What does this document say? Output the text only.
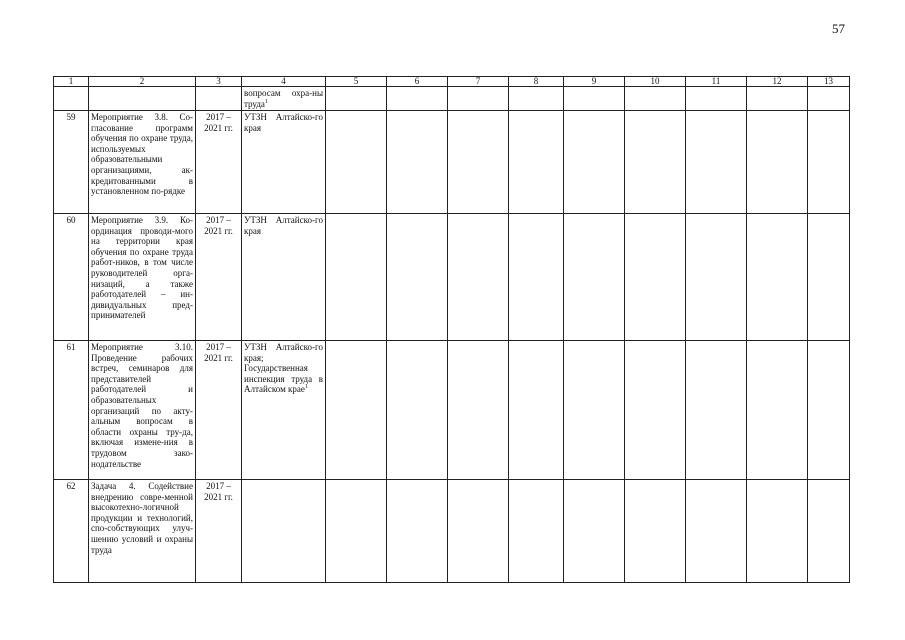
57
1	2	3	4	5	6	7	8	9	10	11	12	13
			вопросам охра-ны труда$^1$									
59	Мероприятие 3.8. Со-гласование программ обучения по охране труда, используемых образовательными организациями, ак-кредитованными в установленном по-рядке	2017 – 2021 гг.	УТЗН Алтайско-го края									
60	Мероприятие 3.9. Ко-ординация проводи-мого на территории края обучения по охране труда работ-ников, в том числе руководителей орга-низаций, а также работодателей – ин-дивидуальных пред-принимателей	2017 – 2021 гг.	УТЗН Алтайско-го края									
61	Мероприятие 3.10. Проведение рабочих встреч, семинаров для представителей работодателей и образовательных организаций по акту-альным вопросам в области охраны тру-да, включая измене-ния в трудовом зако-нодательстве	2017 – 2021 гг.	УТЗН Алтайско-го края; Государственная инспекция труда в Алтайском крае$^1$									
62	Задача 4. Содействие внедрению совре-менной высокотехно-логичной продукции и технологий, спо-собствующих улуч-шению условий и охраны труда	2017 – 2021 гг.										
